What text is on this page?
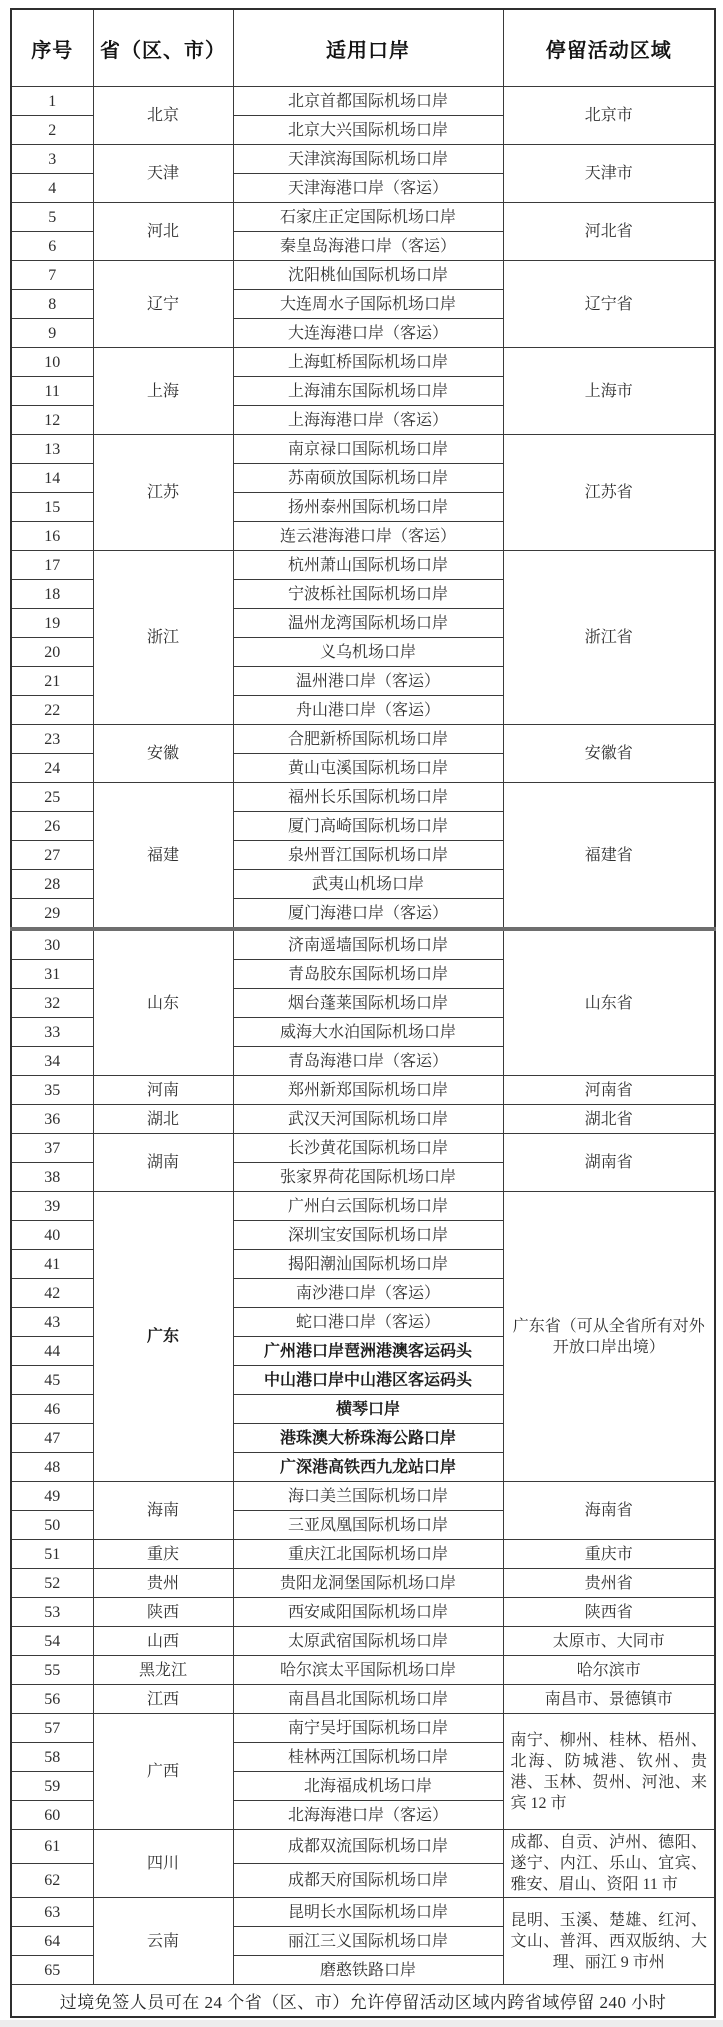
序号	省（区、市）	适用口岸	停留活动区域
1	北京	北京首都国际机场口岸	北京市
2		北京大兴国际机场口岸	
3	天津	天津滨海国际机场口岸	天津市
4		天津海港口岸（客运）	
5	河北	石家庄正定国际机场口岸	河北省
6		秦皇岛海港口岸（客运）	
7	辽宁	沈阳桃仙国际机场口岸	辽宁省
8		大连周水子国际机场口岸	
9		大连海港口岸（客运）	
10	上海	上海虹桥国际机场口岸	上海市
11		上海浦东国际机场口岸	
12		上海海港口岸（客运）	
13	江苏	南京禄口国际机场口岸	江苏省
14		苏南硕放国际机场口岸	
15		扬州泰州国际机场口岸	
16		连云港海港口岸（客运）	
17	浙江	杭州萧山国际机场口岸	浙江省
18		宁波栎社国际机场口岸	
19		温州龙湾国际机场口岸	
20		义乌机场口岸	
21		温州港口岸（客运）	
22		舟山港口岸（客运）	
23	安徽	合肥新桥国际机场口岸	安徽省
24		黄山屯溪国际机场口岸	
25	福建	福州长乐国际机场口岸	福建省
26		厦门高崎国际机场口岸	
27		泉州晋江国际机场口岸	
28		武夷山机场口岸	
29		厦门海港口岸（客运）	
30	山东	济南遥墙国际机场口岸	山东省
31		青岛胶东国际机场口岸	
32		烟台蓬莱国际机场口岸	
33		威海大水泊国际机场口岸	
34		青岛海港口岸（客运）	
35	河南	郑州新郑国际机场口岸	河南省
36	湖北	武汉天河国际机场口岸	湖北省
37	湖南	长沙黄花国际机场口岸	湖南省
38		张家界荷花国际机场口岸	
39	广东	广州白云国际机场口岸	广东省（可从全省所有对外开放口岸出境）
40		深圳宝安国际机场口岸	
41		揭阳潮汕国际机场口岸	
42		南沙港口岸（客运）	
43		蛇口港口岸（客运）	
44		广州港口岸琶洲港澳客运码头	
45		中山港口岸中山港区客运码头	
46		横琴口岸	
47		港珠澳大桥珠海公路口岸	
48		广深港高铁西九龙站口岸	
49	海南	海口美兰国际机场口岸	海南省
50		三亚凤凰国际机场口岸	
51	重庆	重庆江北国际机场口岸	重庆市
52	贵州	贵阳龙洞堡国际机场口岸	贵州省
53	陕西	西安咸阳国际机场口岸	陕西省
54	山西	太原武宿国际机场口岸	太原市、大同市
55	黑龙江	哈尔滨太平国际机场口岸	哈尔滨市
56	江西	南昌昌北国际机场口岸	南昌市、景德镇市
57	广西	南宁吴圩国际机场口岸	南宁、柳州、桂林、梧州、北海、防城港、钦州、贵港、玉林、贺州、河池、来宾 12 市
58		桂林两江国际机场口岸	
59		北海福成机场口岸	
60		北海海港口岸（客运）	
61	四川	成都双流国际机场口岸	成都、自贡、泸州、德阳、遂宁、内江、乐山、宜宾、雅安、眉山、资阳 11 市
62		成都天府国际机场口岸	
63	云南	昆明长水国际机场口岸	昆明、玉溪、楚雄、红河、文山、普洱、西双版纳、大理、丽江 9 市州
64		丽江三义国际机场口岸	
65		磨憨铁路口岸	
过境免签人员可在 24 个省（区、市）允许停留活动区域内跨省域停留 240 小时			
